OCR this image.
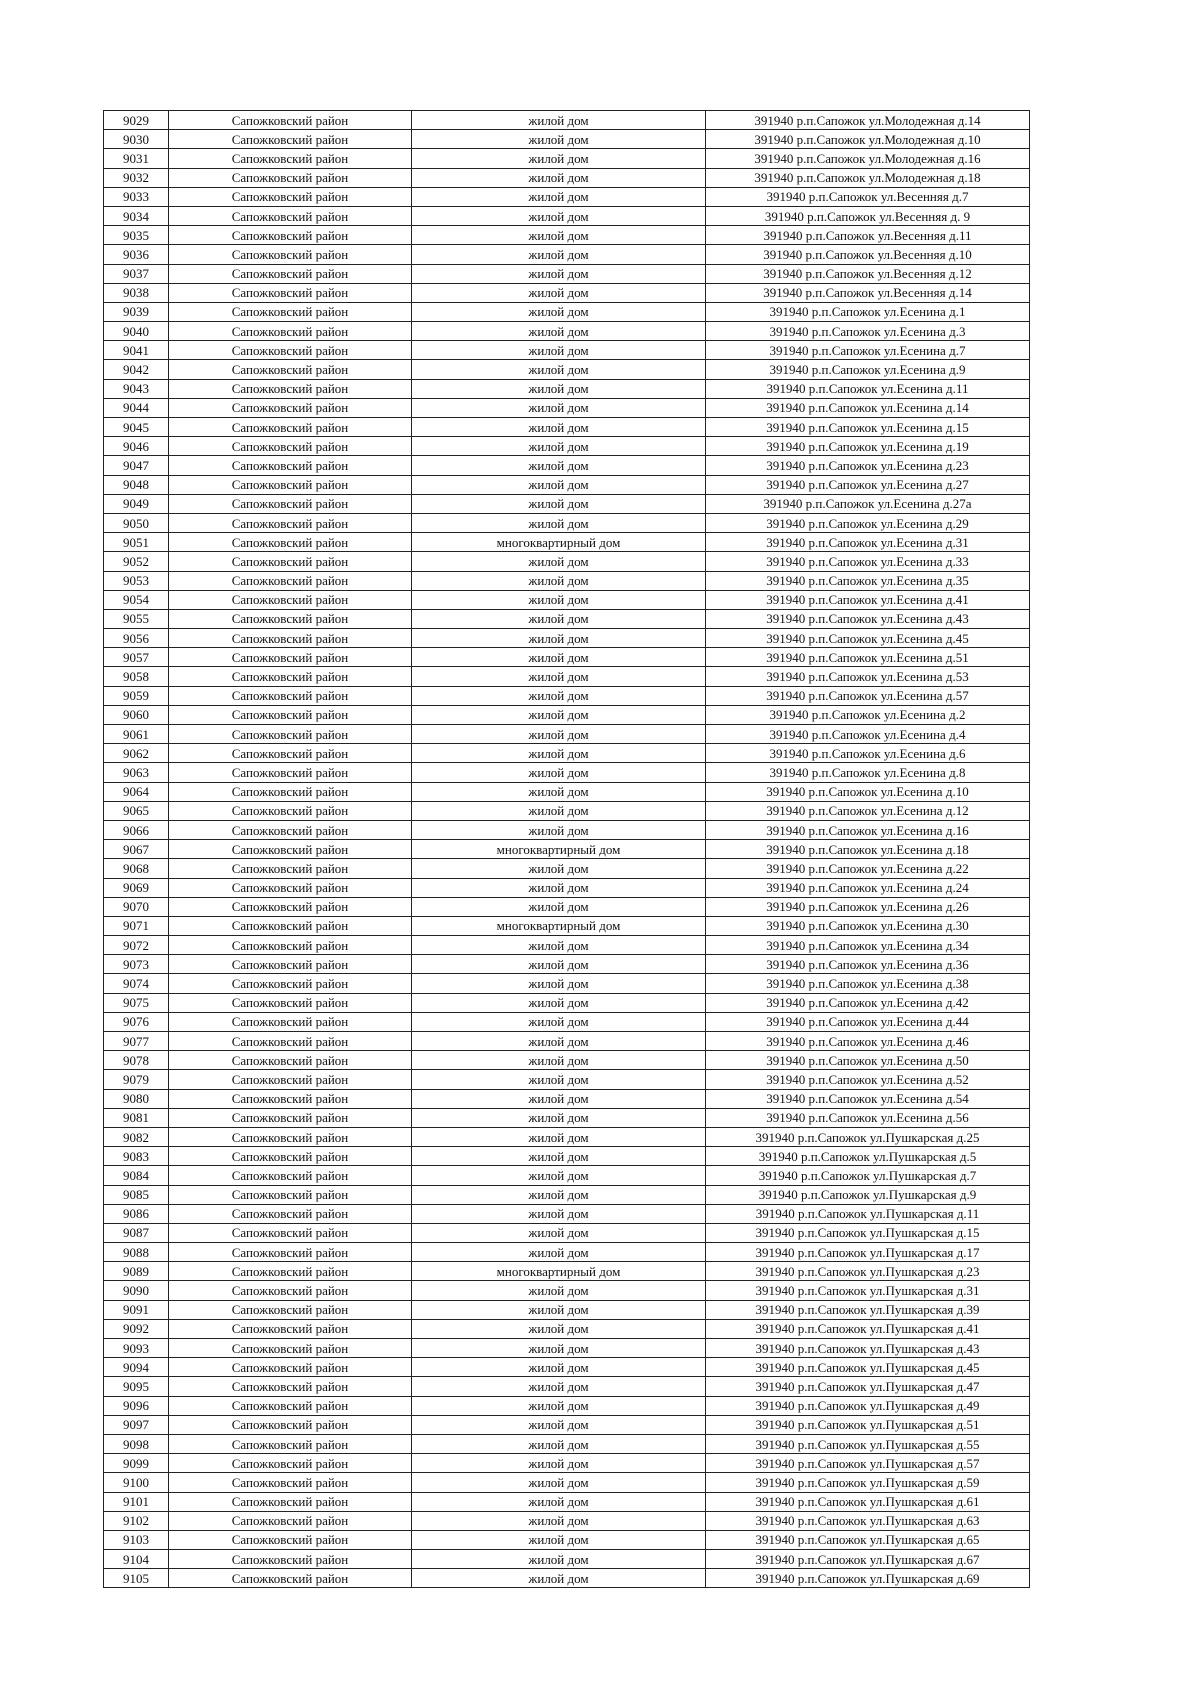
9029	Сапожковский район	жилой дом	391940 р.п.Сапожок ул.Молодежная д.14
9030	Сапожковский район	жилой дом	391940 р.п.Сапожок ул.Молодежная д.10
9031	Сапожковский район	жилой дом	391940 р.п.Сапожок ул.Молодежная д.16
9032	Сапожковский район	жилой дом	391940 р.п.Сапожок ул.Молодежная д.18
9033	Сапожковский район	жилой дом	391940 р.п.Сапожок ул.Весенняя д.7
9034	Сапожковский район	жилой дом	391940 р.п.Сапожок ул.Весенняя д. 9
9035	Сапожковский район	жилой дом	391940 р.п.Сапожок ул.Весенняя д.11
9036	Сапожковский район	жилой дом	391940 р.п.Сапожок ул.Весенняя д.10
9037	Сапожковский район	жилой дом	391940 р.п.Сапожок ул.Весенняя д.12
9038	Сапожковский район	жилой дом	391940 р.п.Сапожок ул.Весенняя д.14
9039	Сапожковский район	жилой дом	391940 р.п.Сапожок ул.Есенина д.1
9040	Сапожковский район	жилой дом	391940 р.п.Сапожок ул.Есенина д.3
9041	Сапожковский район	жилой дом	391940 р.п.Сапожок ул.Есенина д.7
9042	Сапожковский район	жилой дом	391940 р.п.Сапожок ул.Есенина д.9
9043	Сапожковский район	жилой дом	391940 р.п.Сапожок ул.Есенина д.11
9044	Сапожковский район	жилой дом	391940 р.п.Сапожок ул.Есенина д.14
9045	Сапожковский район	жилой дом	391940 р.п.Сапожок ул.Есенина д.15
9046	Сапожковский район	жилой дом	391940 р.п.Сапожок ул.Есенина д.19
9047	Сапожковский район	жилой дом	391940 р.п.Сапожок ул.Есенина д.23
9048	Сапожковский район	жилой дом	391940 р.п.Сапожок ул.Есенина д.27
9049	Сапожковский район	жилой дом	391940 р.п.Сапожок ул.Есенина д.27а
9050	Сапожковский район	жилой дом	391940 р.п.Сапожок ул.Есенина д.29
9051	Сапожковский район	многоквартирный дом	391940 р.п.Сапожок ул.Есенина д.31
9052	Сапожковский район	жилой дом	391940 р.п.Сапожок ул.Есенина д.33
9053	Сапожковский район	жилой дом	391940 р.п.Сапожок ул.Есенина д.35
9054	Сапожковский район	жилой дом	391940 р.п.Сапожок ул.Есенина д.41
9055	Сапожковский район	жилой дом	391940 р.п.Сапожок ул.Есенина д.43
9056	Сапожковский район	жилой дом	391940 р.п.Сапожок ул.Есенина д.45
9057	Сапожковский район	жилой дом	391940 р.п.Сапожок ул.Есенина д.51
9058	Сапожковский район	жилой дом	391940 р.п.Сапожок ул.Есенина д.53
9059	Сапожковский район	жилой дом	391940 р.п.Сапожок ул.Есенина д.57
9060	Сапожковский район	жилой дом	391940 р.п.Сапожок ул.Есенина д.2
9061	Сапожковский район	жилой дом	391940 р.п.Сапожок ул.Есенина д.4
9062	Сапожковский район	жилой дом	391940 р.п.Сапожок ул.Есенина д.6
9063	Сапожковский район	жилой дом	391940 р.п.Сапожок ул.Есенина д.8
9064	Сапожковский район	жилой дом	391940 р.п.Сапожок ул.Есенина д.10
9065	Сапожковский район	жилой дом	391940 р.п.Сапожок ул.Есенина д.12
9066	Сапожковский район	жилой дом	391940 р.п.Сапожок ул.Есенина д.16
9067	Сапожковский район	многоквартирный дом	391940 р.п.Сапожок ул.Есенина д.18
9068	Сапожковский район	жилой дом	391940 р.п.Сапожок ул.Есенина д.22
9069	Сапожковский район	жилой дом	391940 р.п.Сапожок ул.Есенина д.24
9070	Сапожковский район	жилой дом	391940 р.п.Сапожок ул.Есенина д.26
9071	Сапожковский район	многоквартирный дом	391940 р.п.Сапожок ул.Есенина д.30
9072	Сапожковский район	жилой дом	391940 р.п.Сапожок ул.Есенина д.34
9073	Сапожковский район	жилой дом	391940 р.п.Сапожок ул.Есенина д.36
9074	Сапожковский район	жилой дом	391940 р.п.Сапожок ул.Есенина д.38
9075	Сапожковский район	жилой дом	391940 р.п.Сапожок ул.Есенина д.42
9076	Сапожковский район	жилой дом	391940 р.п.Сапожок ул.Есенина д.44
9077	Сапожковский район	жилой дом	391940 р.п.Сапожок ул.Есенина д.46
9078	Сапожковский район	жилой дом	391940 р.п.Сапожок ул.Есенина д.50
9079	Сапожковский район	жилой дом	391940 р.п.Сапожок ул.Есенина д.52
9080	Сапожковский район	жилой дом	391940 р.п.Сапожок ул.Есенина д.54
9081	Сапожковский район	жилой дом	391940 р.п.Сапожок ул.Есенина д.56
9082	Сапожковский район	жилой дом	391940 р.п.Сапожок ул.Пушкарская д.25
9083	Сапожковский район	жилой дом	391940 р.п.Сапожок ул.Пушкарская д.5
9084	Сапожковский район	жилой дом	391940 р.п.Сапожок ул.Пушкарская д.7
9085	Сапожковский район	жилой дом	391940 р.п.Сапожок ул.Пушкарская д.9
9086	Сапожковский район	жилой дом	391940 р.п.Сапожок ул.Пушкарская д.11
9087	Сапожковский район	жилой дом	391940 р.п.Сапожок ул.Пушкарская д.15
9088	Сапожковский район	жилой дом	391940 р.п.Сапожок ул.Пушкарская д.17
9089	Сапожковский район	многоквартирный дом	391940 р.п.Сапожок ул.Пушкарская д.23
9090	Сапожковский район	жилой дом	391940 р.п.Сапожок ул.Пушкарская д.31
9091	Сапожковский район	жилой дом	391940 р.п.Сапожок ул.Пушкарская д.39
9092	Сапожковский район	жилой дом	391940 р.п.Сапожок ул.Пушкарская д.41
9093	Сапожковский район	жилой дом	391940 р.п.Сапожок ул.Пушкарская д.43
9094	Сапожковский район	жилой дом	391940 р.п.Сапожок ул.Пушкарская д.45
9095	Сапожковский район	жилой дом	391940 р.п.Сапожок ул.Пушкарская д.47
9096	Сапожковский район	жилой дом	391940 р.п.Сапожок ул.Пушкарская д.49
9097	Сапожковский район	жилой дом	391940 р.п.Сапожок ул.Пушкарская д.51
9098	Сапожковский район	жилой дом	391940 р.п.Сапожок ул.Пушкарская д.55
9099	Сапожковский район	жилой дом	391940 р.п.Сапожок ул.Пушкарская д.57
9100	Сапожковский район	жилой дом	391940 р.п.Сапожок ул.Пушкарская д.59
9101	Сапожковский район	жилой дом	391940 р.п.Сапожок ул.Пушкарская д.61
9102	Сапожковский район	жилой дом	391940 р.п.Сапожок ул.Пушкарская д.63
9103	Сапожковский район	жилой дом	391940 р.п.Сапожок ул.Пушкарская д.65
9104	Сапожковский район	жилой дом	391940 р.п.Сапожок ул.Пушкарская д.67
9105	Сапожковский район	жилой дом	391940 р.п.Сапожок ул.Пушкарская д.69
